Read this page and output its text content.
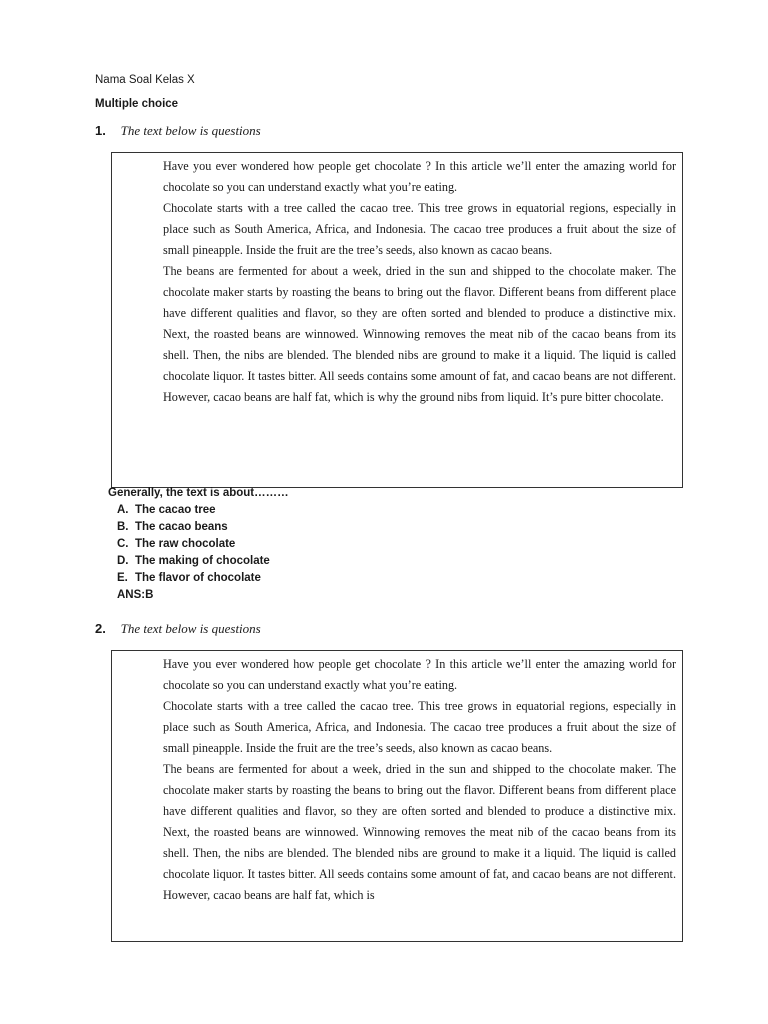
Nama Soal Kelas X

Multiple choice

1. The text below is questions

Have you ever wondered how people get chocolate ? In this article we’ll enter the amazing world for chocolate so you can understand exactly what you’re eating.

Chocolate starts with a tree called the cacao tree. This tree grows in equatorial regions, especially in place such as South America, Africa, and Indonesia. The cacao tree produces a fruit about the size of small pineapple. Inside the fruit are the tree’s seeds, also known as cacao beans.

The beans are fermented for about a week, dried in the sun and shipped to the chocolate maker. The chocolate maker starts by roasting the beans to bring out the flavor. Different beans from different place have different qualities and flavor, so they are often sorted and blended to produce a distinctive mix. Next, the roasted beans are winnowed. Winnowing removes the meat nib of the cacao beans from its shell. Then, the nibs are blended. The blended nibs are ground to make it a liquid. The liquid is called chocolate liquor. It tastes bitter. All seeds contains some amount of fat, and cacao beans are not different. However, cacao beans are half fat, which is why the ground nibs from liquid. It’s pure bitter chocolate.

Generally, the text is about………

A. The cacao tree
B. The cacao beans
C. The raw chocolate
D. The making of chocolate
E. The flavor of chocolate
ANS:B

2. The text below is questions

Have you ever wondered how people get chocolate ? In this article we’ll enter the amazing world for chocolate so you can understand exactly what you’re eating.

Chocolate starts with a tree called the cacao tree. This tree grows in equatorial regions, especially in place such as South America, Africa, and Indonesia. The cacao tree produces a fruit about the size of small pineapple. Inside the fruit are the tree’s seeds, also known as cacao beans.

The beans are fermented for about a week, dried in the sun and shipped to the chocolate maker. The chocolate maker starts by roasting the beans to bring out the flavor. Different beans from different place have different qualities and flavor, so they are often sorted and blended to produce a distinctive mix. Next, the roasted beans are winnowed. Winnowing removes the meat nib of the cacao beans from its shell. Then, the nibs are blended. The blended nibs are ground to make it a liquid. The liquid is called chocolate liquor. It tastes bitter. All seeds contains some amount of fat, and cacao beans are not different. However, cacao beans are half fat, which is
